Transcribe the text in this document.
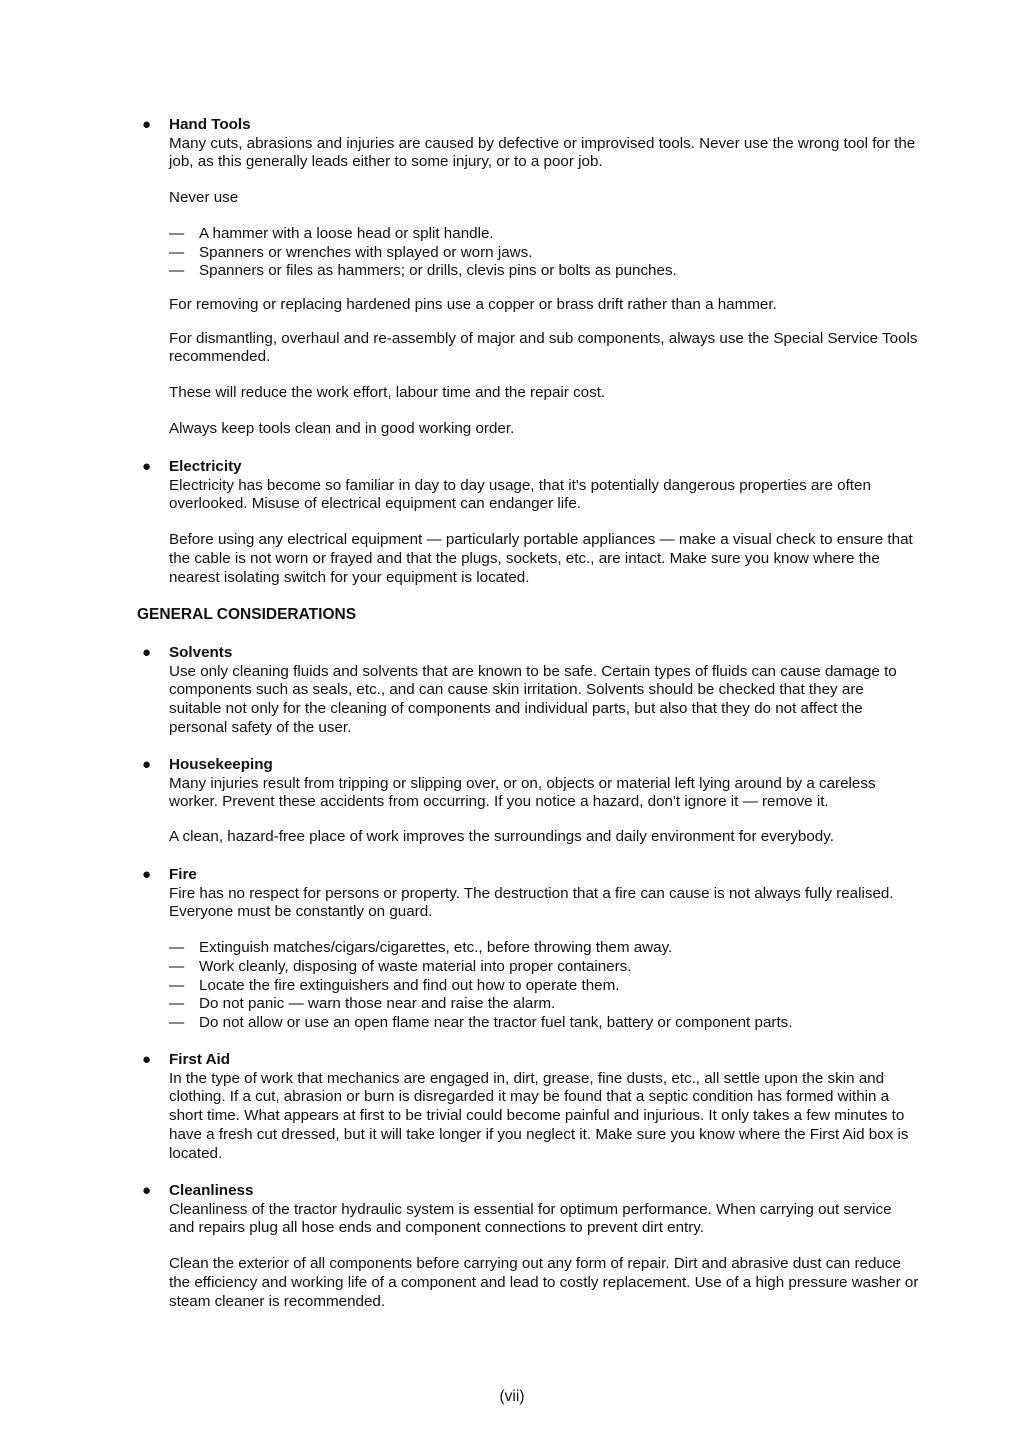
● Hand Tools

Many cuts, abrasions and injuries are caused by defective or improvised tools. Never use the wrong tool for the job, as this generally leads either to some injury, or to a poor job.

Never use

— A hammer with a loose head or split handle.
— Spanners or wrenches with splayed or worn jaws.
— Spanners or files as hammers; or drills, clevis pins or bolts as punches.

For removing or replacing hardened pins use a copper or brass drift rather than a hammer.

For dismantling, overhaul and re-assembly of major and sub components, always use the Special Service Tools recommended.

These will reduce the work effort, labour time and the repair cost.

Always keep tools clean and in good working order.

● Electricity

Electricity has become so familiar in day to day usage, that it's potentially dangerous properties are often overlooked. Misuse of electrical equipment can endanger life.

Before using any electrical equipment — particularly portable appliances — make a visual check to ensure that the cable is not worn or frayed and that the plugs, sockets, etc., are intact. Make sure you know where the nearest isolating switch for your equipment is located.

GENERAL CONSIDERATIONS
● Solvents

Use only cleaning fluids and solvents that are known to be safe. Certain types of fluids can cause damage to components such as seals, etc., and can cause skin irritation. Solvents should be checked that they are suitable not only for the cleaning of components and individual parts, but also that they do not affect the personal safety of the user.

● Housekeeping

Many injuries result from tripping or slipping over, or on, objects or material left lying around by a careless worker. Prevent these accidents from occurring. If you notice a hazard, don't ignore it — remove it.

A clean, hazard-free place of work improves the surroundings and daily environment for everybody.

● Fire

Fire has no respect for persons or property. The destruction that a fire can cause is not always fully realised. Everyone must be constantly on guard.

— Extinguish matches/cigars/cigarettes, etc., before throwing them away.
— Work cleanly, disposing of waste material into proper containers.
— Locate the fire extinguishers and find out how to operate them.
— Do not panic — warn those near and raise the alarm.
— Do not allow or use an open flame near the tractor fuel tank, battery or component parts.
● First Aid

In the type of work that mechanics are engaged in, dirt, grease, fine dusts, etc., all settle upon the skin and clothing. If a cut, abrasion or burn is disregarded it may be found that a septic condition has formed within a short time. What appears at first to be trivial could become painful and injurious. It only takes a few minutes to have a fresh cut dressed, but it will take longer if you neglect it. Make sure you know where the First Aid box is located.

● Cleanliness

Cleanliness of the tractor hydraulic system is essential for optimum performance. When carrying out service and repairs plug all hose ends and component connections to prevent dirt entry.

Clean the exterior of all components before carrying out any form of repair. Dirt and abrasive dust can reduce the efficiency and working life of a component and lead to costly replacement. Use of a high pressure washer or steam cleaner is recommended.

(vii)
